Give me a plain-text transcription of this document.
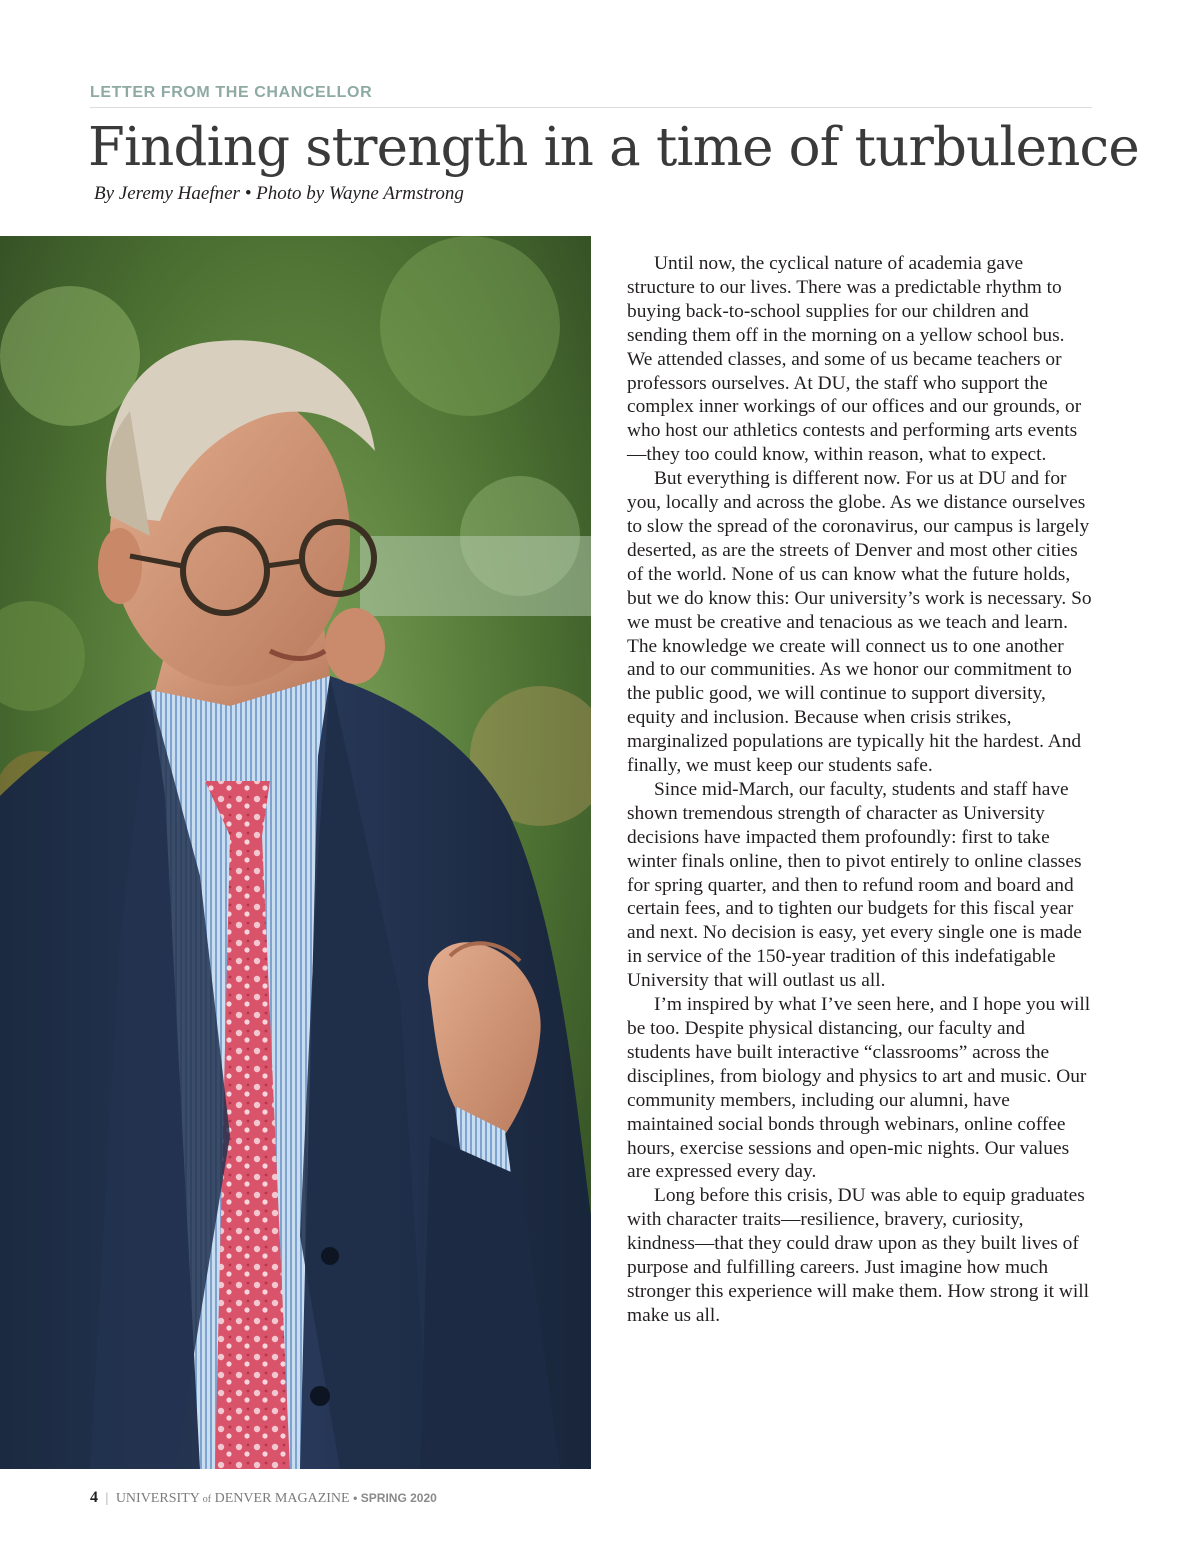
LETTER FROM THE CHANCELLOR
Finding strength in a time of turbulence
By Jeremy Haefner • Photo by Wayne Armstrong

Until now, the cyclical nature of academia gave structure to our lives. There was a predictable rhythm to buying back-to-school supplies for our children and sending them off in the morning on a yellow school bus. We attended classes, and some of us became teachers or professors ourselves. At DU, the staff who support the complex inner workings of our offices and our grounds, or who host our athletics contests and performing arts events—they too could know, within reason, what to expect.

But everything is different now. For us at DU and for you, locally and across the globe. As we distance ourselves to slow the spread of the coronavirus, our campus is largely deserted, as are the streets of Denver and most other cities of the world. None of us can know what the future holds, but we do know this: Our university’s work is necessary. So we must be creative and tenacious as we teach and learn. The knowledge we create will connect us to one another and to our communities. As we honor our commitment to the public good, we will continue to support diversity, equity and inclusion. Because when crisis strikes, marginalized populations are typically hit the hardest. And finally, we must keep our students safe.

Since mid-March, our faculty, students and staff have shown tremendous strength of character as University decisions have impacted them profoundly: first to take winter finals online, then to pivot entirely to online classes for spring quarter, and then to refund room and board and certain fees, and to tighten our budgets for this fiscal year and next. No decision is easy, yet every single one is made in service of the 150-year tradition of this indefatigable University that will outlast us all.

I’m inspired by what I’ve seen here, and I hope you will be too. Despite physical distancing, our faculty and students have built interactive “classrooms” across the disciplines, from biology and physics to art and music. Our community members, including our alumni, have maintained social bonds through webinars, online coffee hours, exercise sessions and open-mic nights. Our values are expressed every day.

Long before this crisis, DU was able to equip graduates with character traits—resilience, bravery, curiosity, kindness—that they could draw upon as they built lives of purpose and fulfilling careers. Just imagine how much stronger this experience will make them. How strong it will make us all.

4 | UNIVERSITY of DENVER MAGAZINE • SPRING 2020
